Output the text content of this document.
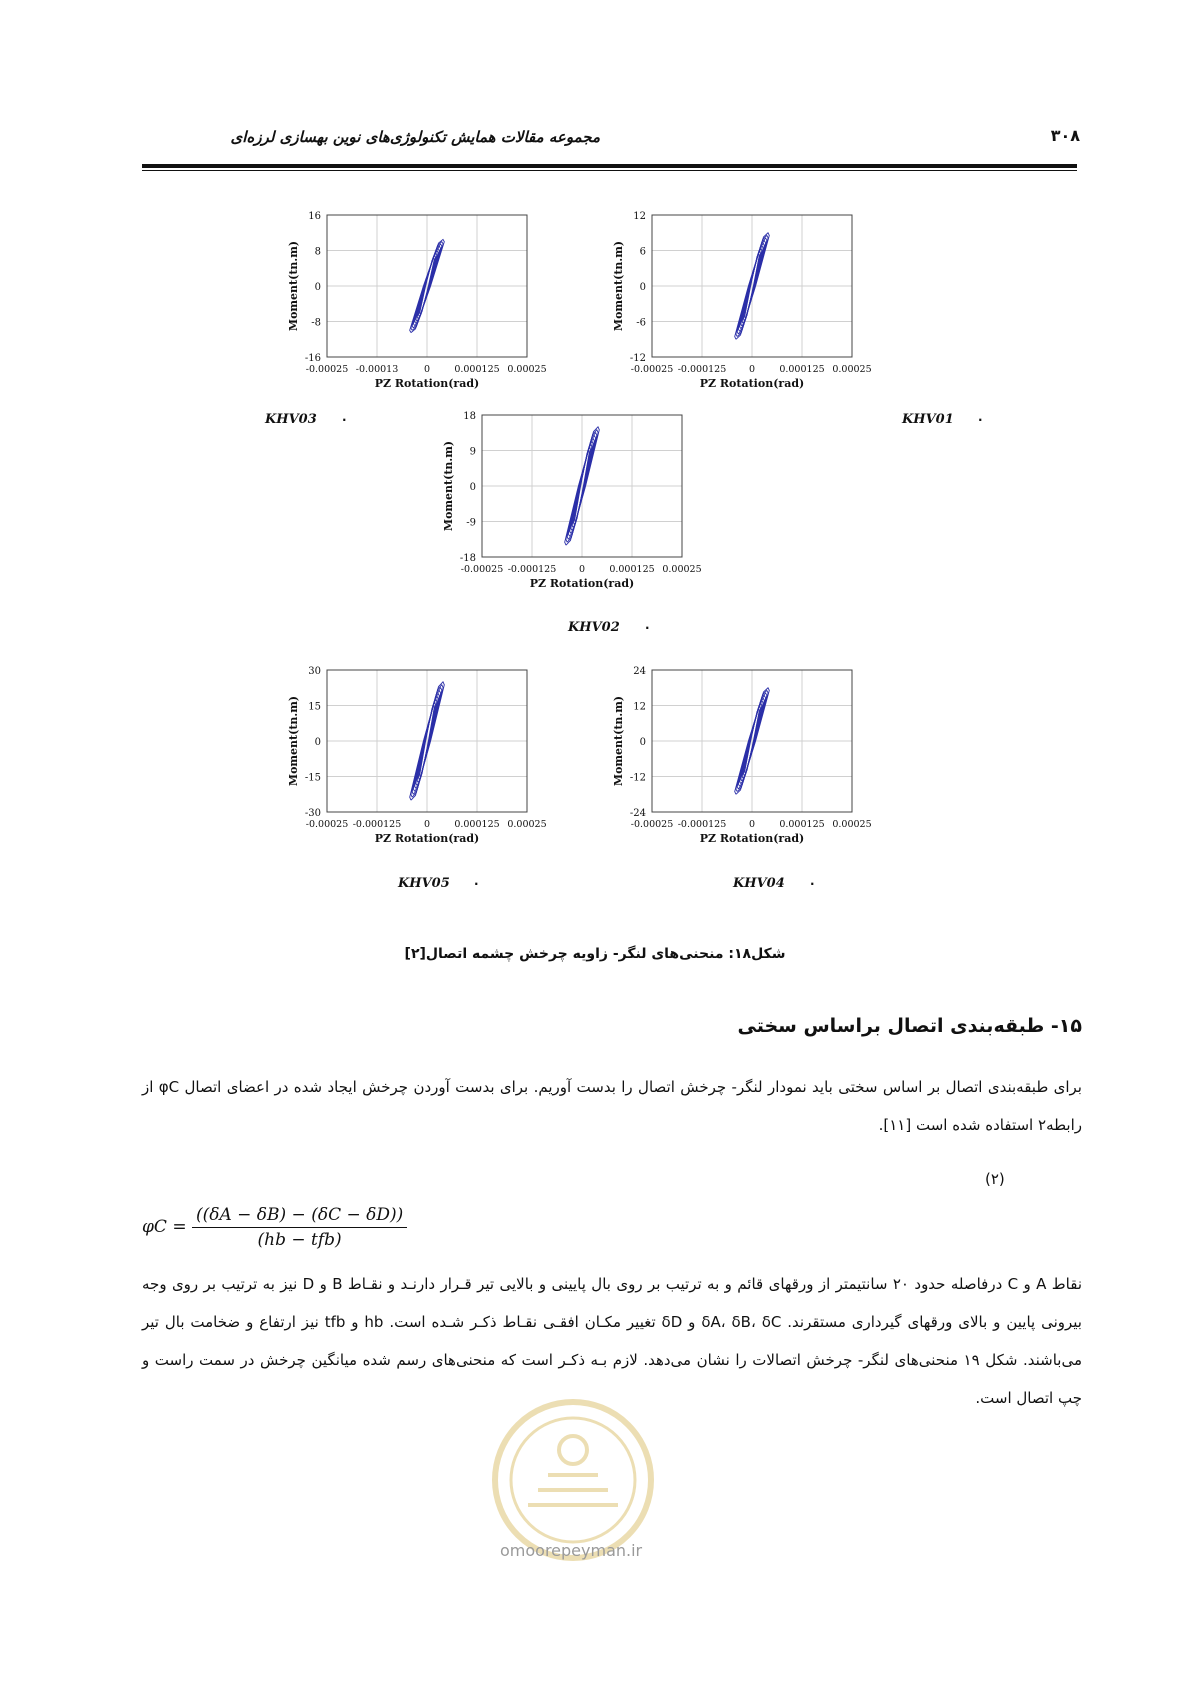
مجموعه مقالات همایش تکنولوژی‌های نوین بهسازی لرزه‌ای	۳۰۸
16
8
0
-8
-16
-0.00025 -0.00013	0	0.000125 0.00025
PZ Rotation(rad)
Moment(tn.m)
12
6
0
-6
-12
-0.00025 -0.000125 0	0.000125 0.00025
PZ Rotation(rad)
Moment(tn.m)
18
9
0
-9
-18
-0.00025 -0.000125 0	0.000125 0.00025
PZ Rotation(rad)
Moment(tn.m)
30
15
0
-15
-30
-0.00025 -0.000125 0	0.000125 0.00025
PZ Rotation(rad)
Moment(tn.m)
24
12
0
-12
-24
-0.00025 -0.000125 0	0.000125 0.00025
PZ Rotation(rad)
Moment(tn.m)
KHV03 .	KHV01 .
KHV02 .
KHV05 .	KHV04 .
شکل۱۸: منحنی‌های لنگر- زاویه چرخش چشمه اتصال[۲]
۱۵- طبقه‌بندی اتصال براساس سختی
برای طبقه‌بندی اتصال بر اساس سختی باید نمودار لنگر- چرخش اتصال را بدست آوریم. برای بدست آوردن چرخش ایجاد شده در اعضای اتصال φC از رابطه۲ استفاده شده است [۱۱].
(۲)
$\varphi C = \frac{((\delta A - \delta B) - (\delta C - \delta D))}{\text{(hb − tfb)}}$
نقاط A و C درفاصله حدود ۲۰ سانتیمتر از ورقهای قائم و به ترتیب بر روی بال پایینی و بالایی تیر قـرار دارنـد و نقـاط B و D نیز به ترتیب بر روی وجه بیرونی پایین و بالای ورقهای گیرداری مستقرند. δA، δB، δC و δD تغییر مکـان افقـی نقـاط ذکـر شـده است. hb و tfb نیز ارتفاع و ضخامت بال تیر می‌باشند. شکل ۱۹ منحنی‌های لنگر- چرخش اتصالات را نشان می‌دهد. لازم بـه ذکـر است که منحنی‌های رسم شده میانگین چرخش در سمت راست و چپ اتصال است.
omoorepeyman.ir
